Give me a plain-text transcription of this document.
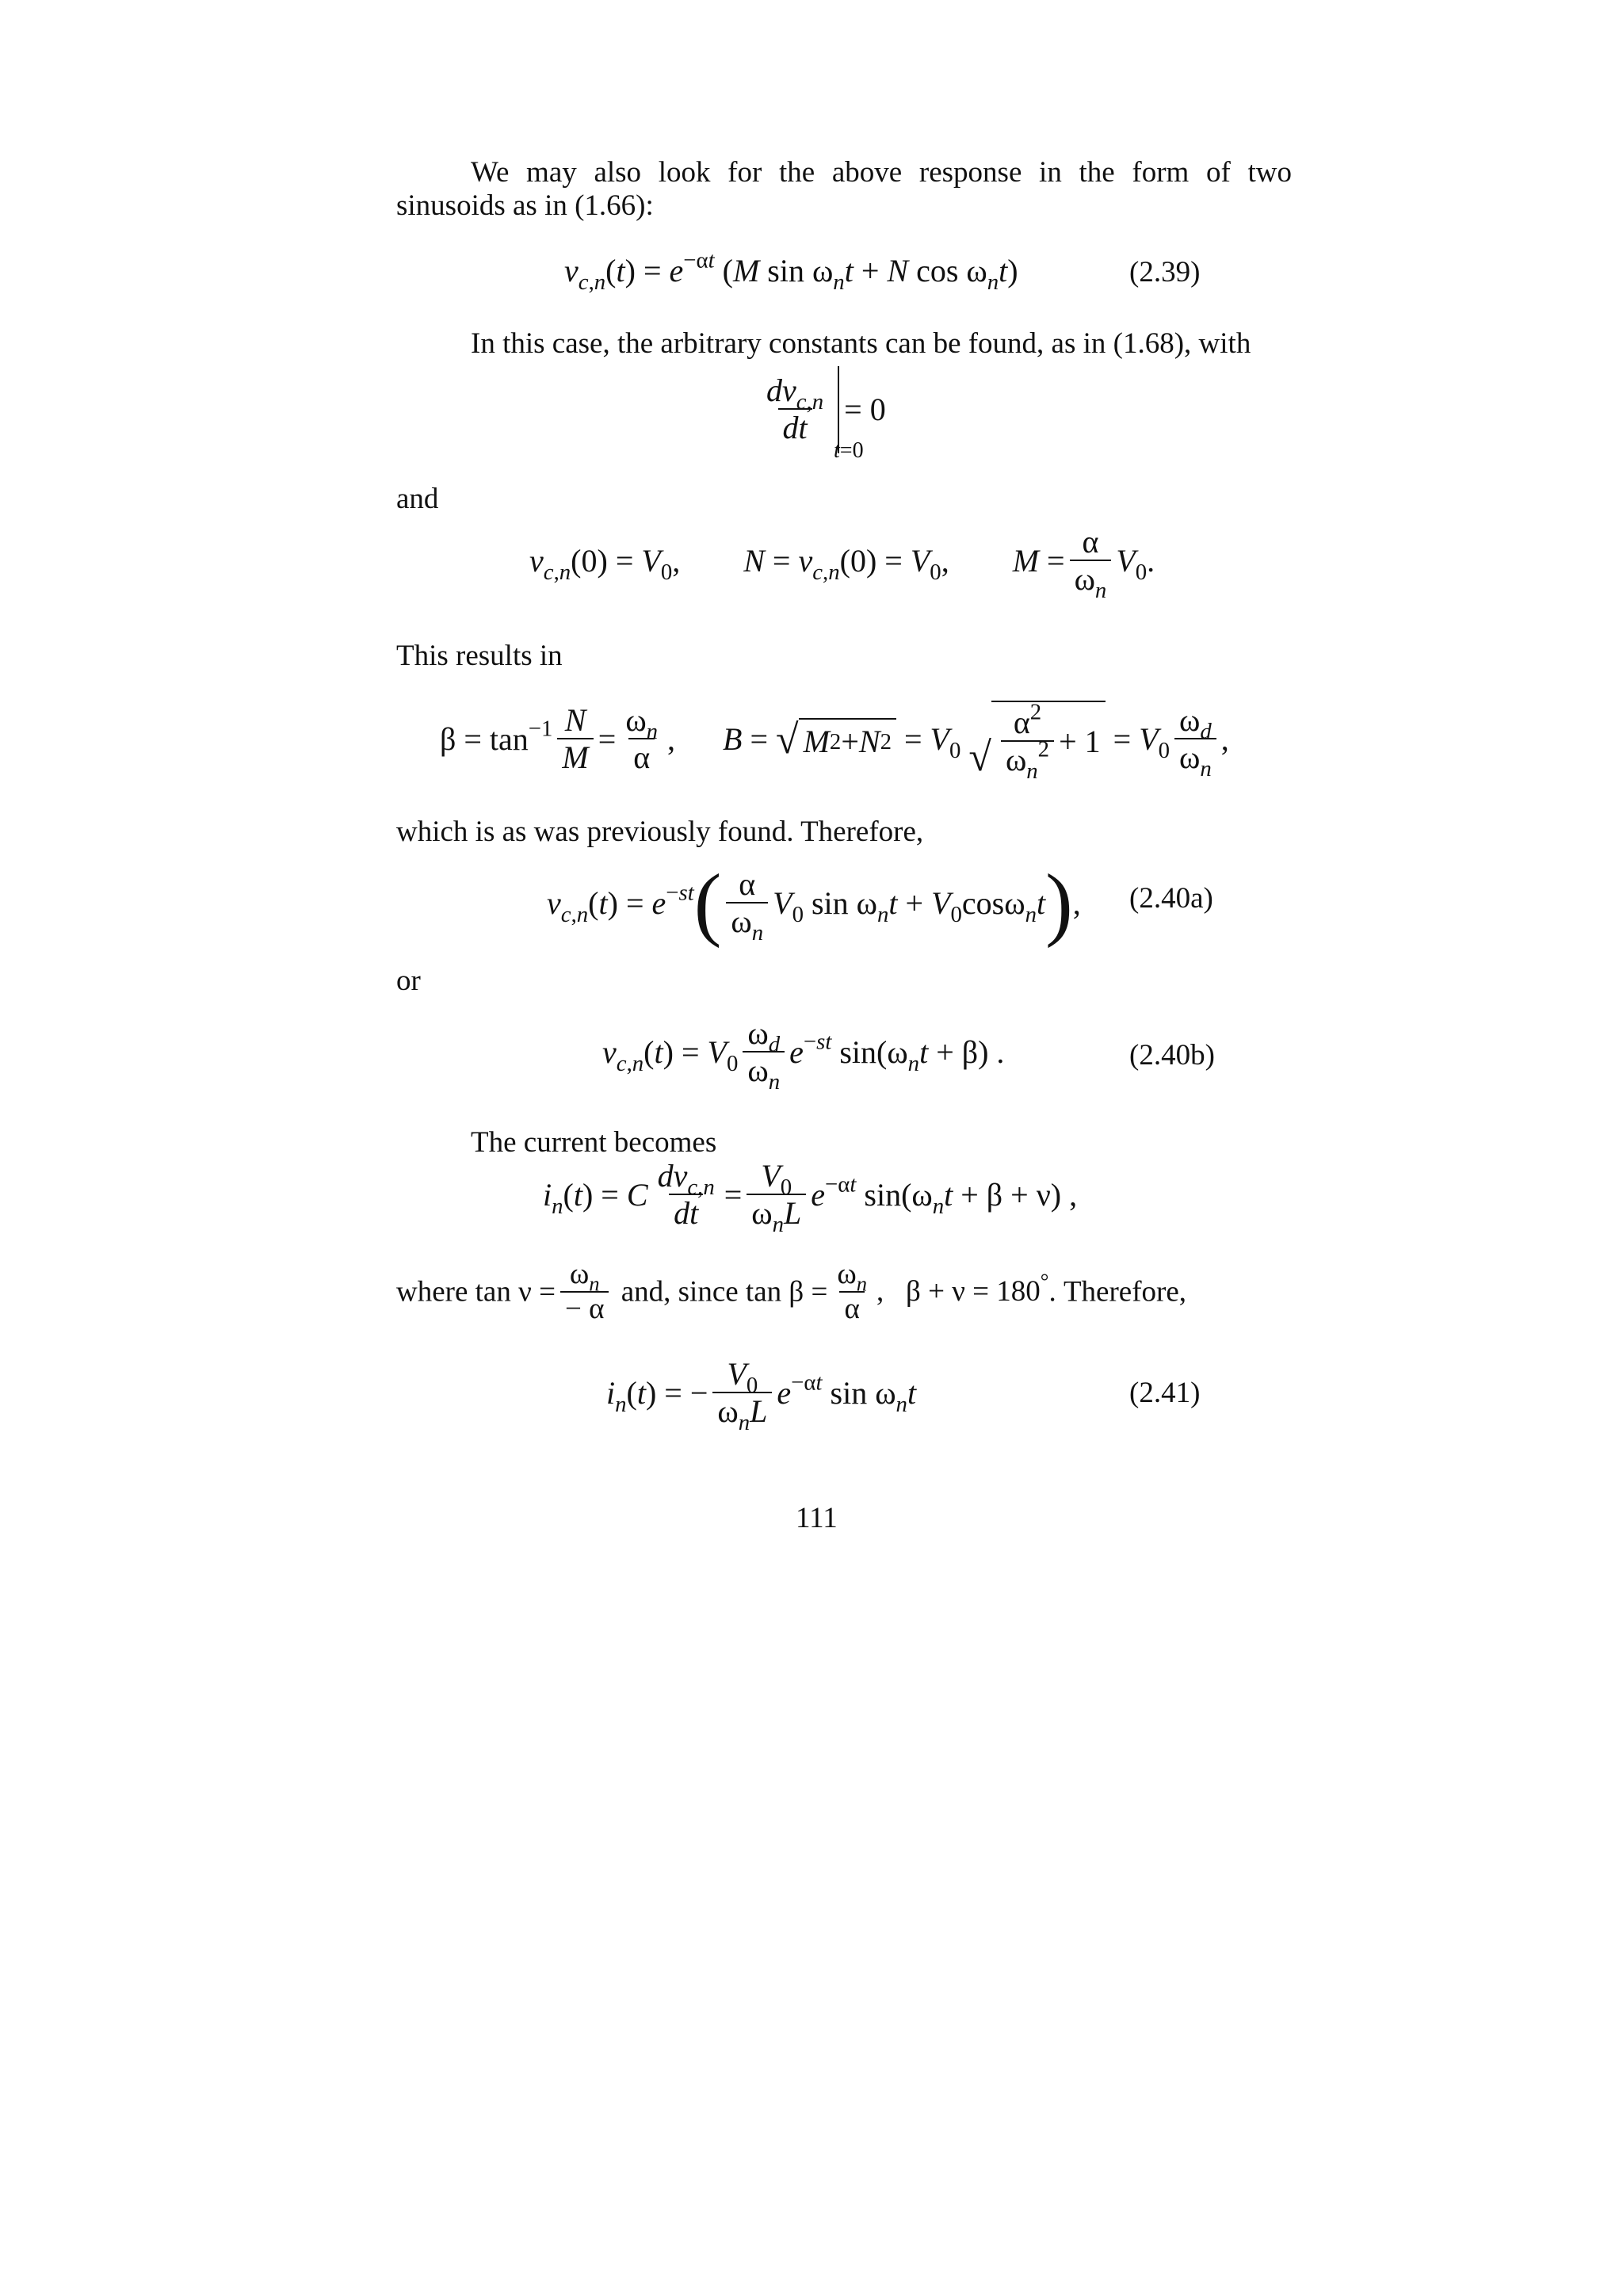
We may also look for the above response in the form of two
sinusoids as in (1.66):
$v_{c,n}(t) = e^{-\alpha t}$ (M $\sin \omega_nt + N$ $\cos \omega_nt$)	(2.39)
In this case, the arbitrary constants can be found, as in (1.68), with
$\frac{dv_{c,n}}{dt} = 0$
t=0
and
$v_{c,n}(0) = V_0$, $N = v_{c,n}(0) = V_0$, $M = \frac{\alpha}{\omega_n} V_0$.
This results in
$\beta = \tan^{-1} \frac{N}{M} = \frac{\omega_n}{\alpha}$ , B = √ M 2 + N $2 = V_0$ √ $\frac{\alpha^2}{\omega_n^2} + 1 = V_0 \frac{\omega_d}{\omega_n}$ ,
which is as was previously found. Therefore,
$v_{c,n}(t) = e^{-st}( \frac{\alpha}{\omega_n} V_0$ $\sin \omega_nt + V_0\cos\omega_nt$), (2.40a)
or
$v_{c,n}(t) = V_0 \frac{\omega_d}{\omega_n} e^{-st}$ $\sin(\omega_nt + \beta)$ .	(2.40b)
The current becomes
$i_n(t) = C \frac{dv_{c,n}}{dt} = \frac{V_0}{\omega_nL} e^{-\alpha t}$ $\sin(\omega_nt + \beta + \nu)$ ,
where $\tan \nu = \frac{\omega_n}{- \alpha}$ and, since $\tan \beta = \frac{\omega_n}{\alpha}$ ,   β + ν = 180°. Therefore,
$i_n(t)$ = − $\frac{V_0}{\omega_nL} e^{-\alpha t}$ $\sin \omega_nt$	(2.41)
111
